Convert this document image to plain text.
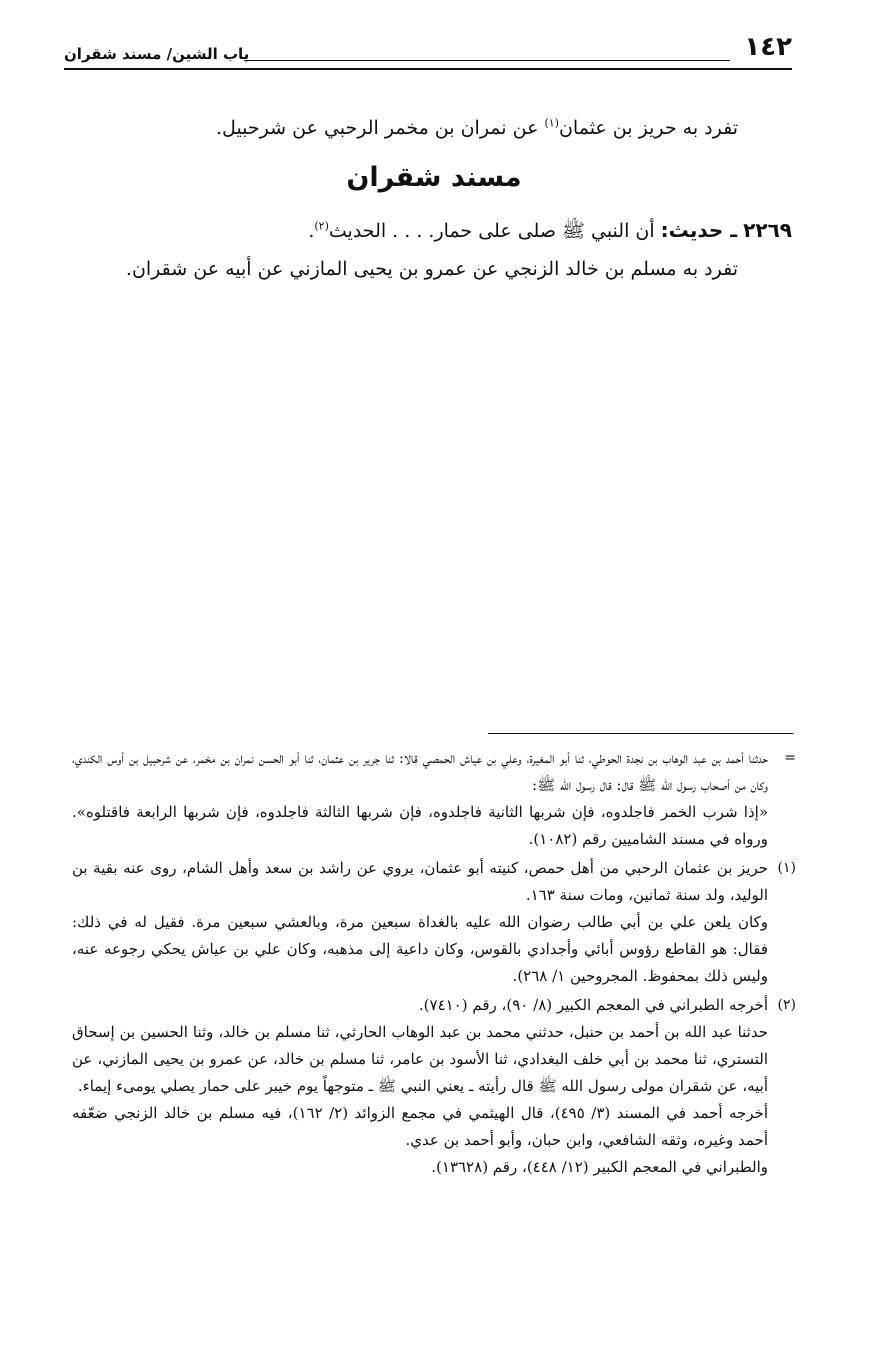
١٤٢
باب الشين/ مسند شقران

تفرد به حريز بن عثمان$^{(١)}$ عن نمران بن مخمر الرحبي عن شرحبيل.

مسند شقران

٢٢٦٩ ـ حديث: أن النبي ﷺ صلى على حمار. . . . الحديث$^{(٢)}$.

تفرد به مسلم بن خالد الزنجي عن عمرو بن يحيى المازني عن أبيه عن شقران.

=

حدثنا أحمد بن عبد الوهاب بن نجدة الحوطي، ثنا أبو المغيرة، وعلي بن عياش الحمصي قالا: ثنا جرير بن عثمان، ثنا أبو الحسن نمران بن مخمر، عن شرحبيل بن أوس الكندي، وكان من أصحاب رسول الله ﷺ قال: قال رسول الله ﷺ:

«إذا شرب الخمر فاجلدوه، فإن شربها الثانية فاجلدوه، فإن شربها الثالثة فاجلدوه، فإن شربها الرابعة فاقتلوه». ورواه في مسند الشاميين رقم (١٠٨٢).

(١)

حريز بن عثمان الرحبي من أهل حمص، كنيته أبو عثمان، يروي عن راشد بن سعد وأهل الشام، روى عنه بقية بن الوليد، ولد سنة ثمانين، ومات سنة ١٦٣.

وكان يلعن علي بن أبي طالب رضوان الله عليه بالغداة سبعين مرة، وبالعشي سبعين مرة. فقيل له في ذلك: فقال: هو القاطع رؤوس أبائي وأجدادي بالقوس، وكان داعية إلى مذهبه، وكان علي بن عياش يحكي رجوعه عنه، وليس ذلك بمحفوظ. المجروحين ١/ ٢٦٨).

(٢)

أخرجه الطبراني في المعجم الكبير (٨/ ٩٠)، رقم (٧٤١٠).

حدثنا عبد الله بن أحمد بن حنبل، حدثني محمد بن عبد الوهاب الحارثي، ثنا مسلم بن خالد، وثنا الحسين بن إسحاق التستري، ثنا محمد بن أبي خلف البغدادي، ثنا الأسود بن عامر، ثنا مسلم بن خالد، عن عمرو بن يحيى المازني، عن أبيه، عن شقران مولى رسول الله ﷺ قال رأيته ـ يعني النبي ﷺ ـ متوجهاً يوم خيبر على حمار يصلي يومىء إيماء.

أخرجه أحمد في المسند (٣/ ٤٩٥)، قال الهيثمي في مجمع الزوائد (٢/ ١٦٢)، فيه مسلم بن خالد الزنجي ضعّفه أحمد وغيره، وثقه الشافعي، وابن حبان، وأبو أحمد بن عدي.

والطبراني في المعجم الكبير (١٢/ ٤٤٨)، رقم (١٣٦٢٨).
